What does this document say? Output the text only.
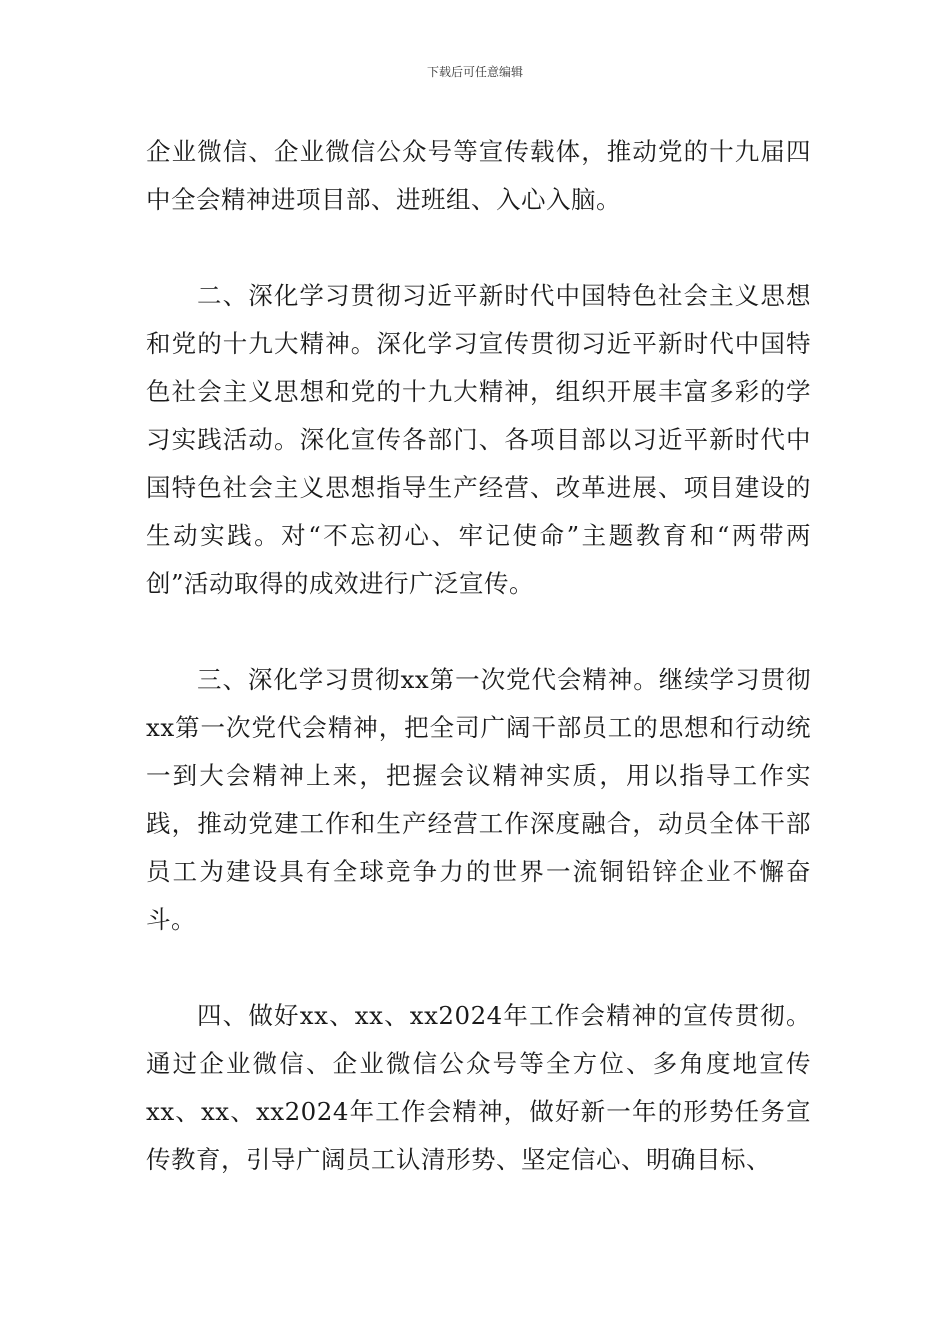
下载后可任意编辑

企业微信、企业微信公众号等宣传载体，推动党的十九届四中全会精神进项目部、进班组、入心入脑。

二、深化学习贯彻习近平新时代中国特色社会主义思想和党的十九大精神。深化学习宣传贯彻习近平新时代中国特色社会主义思想和党的十九大精神，组织开展丰富多彩的学习实践活动。深化宣传各部门、各项目部以习近平新时代中国特色社会主义思想指导生产经营、改革进展、项目建设的生动实践。对“不忘初心、牢记使命”主题教育和“两带两创”活动取得的成效进行广泛宣传。

三、深化学习贯彻xx第一次党代会精神。继续学习贯彻xx第一次党代会精神，把全司广阔干部员工的思想和行动统一到大会精神上来，把握会议精神实质，用以指导工作实践，推动党建工作和生产经营工作深度融合，动员全体干部员工为建设具有全球竞争力的世界一流铜铅锌企业不懈奋斗。

四、做好xx、xx、xx2024年工作会精神的宣传贯彻。通过企业微信、企业微信公众号等全方位、多角度地宣传xx、xx、xx2024年工作会精神，做好新一年的形势任务宣传教育，引导广阔员工认清形势、坚定信心、明确目标、
